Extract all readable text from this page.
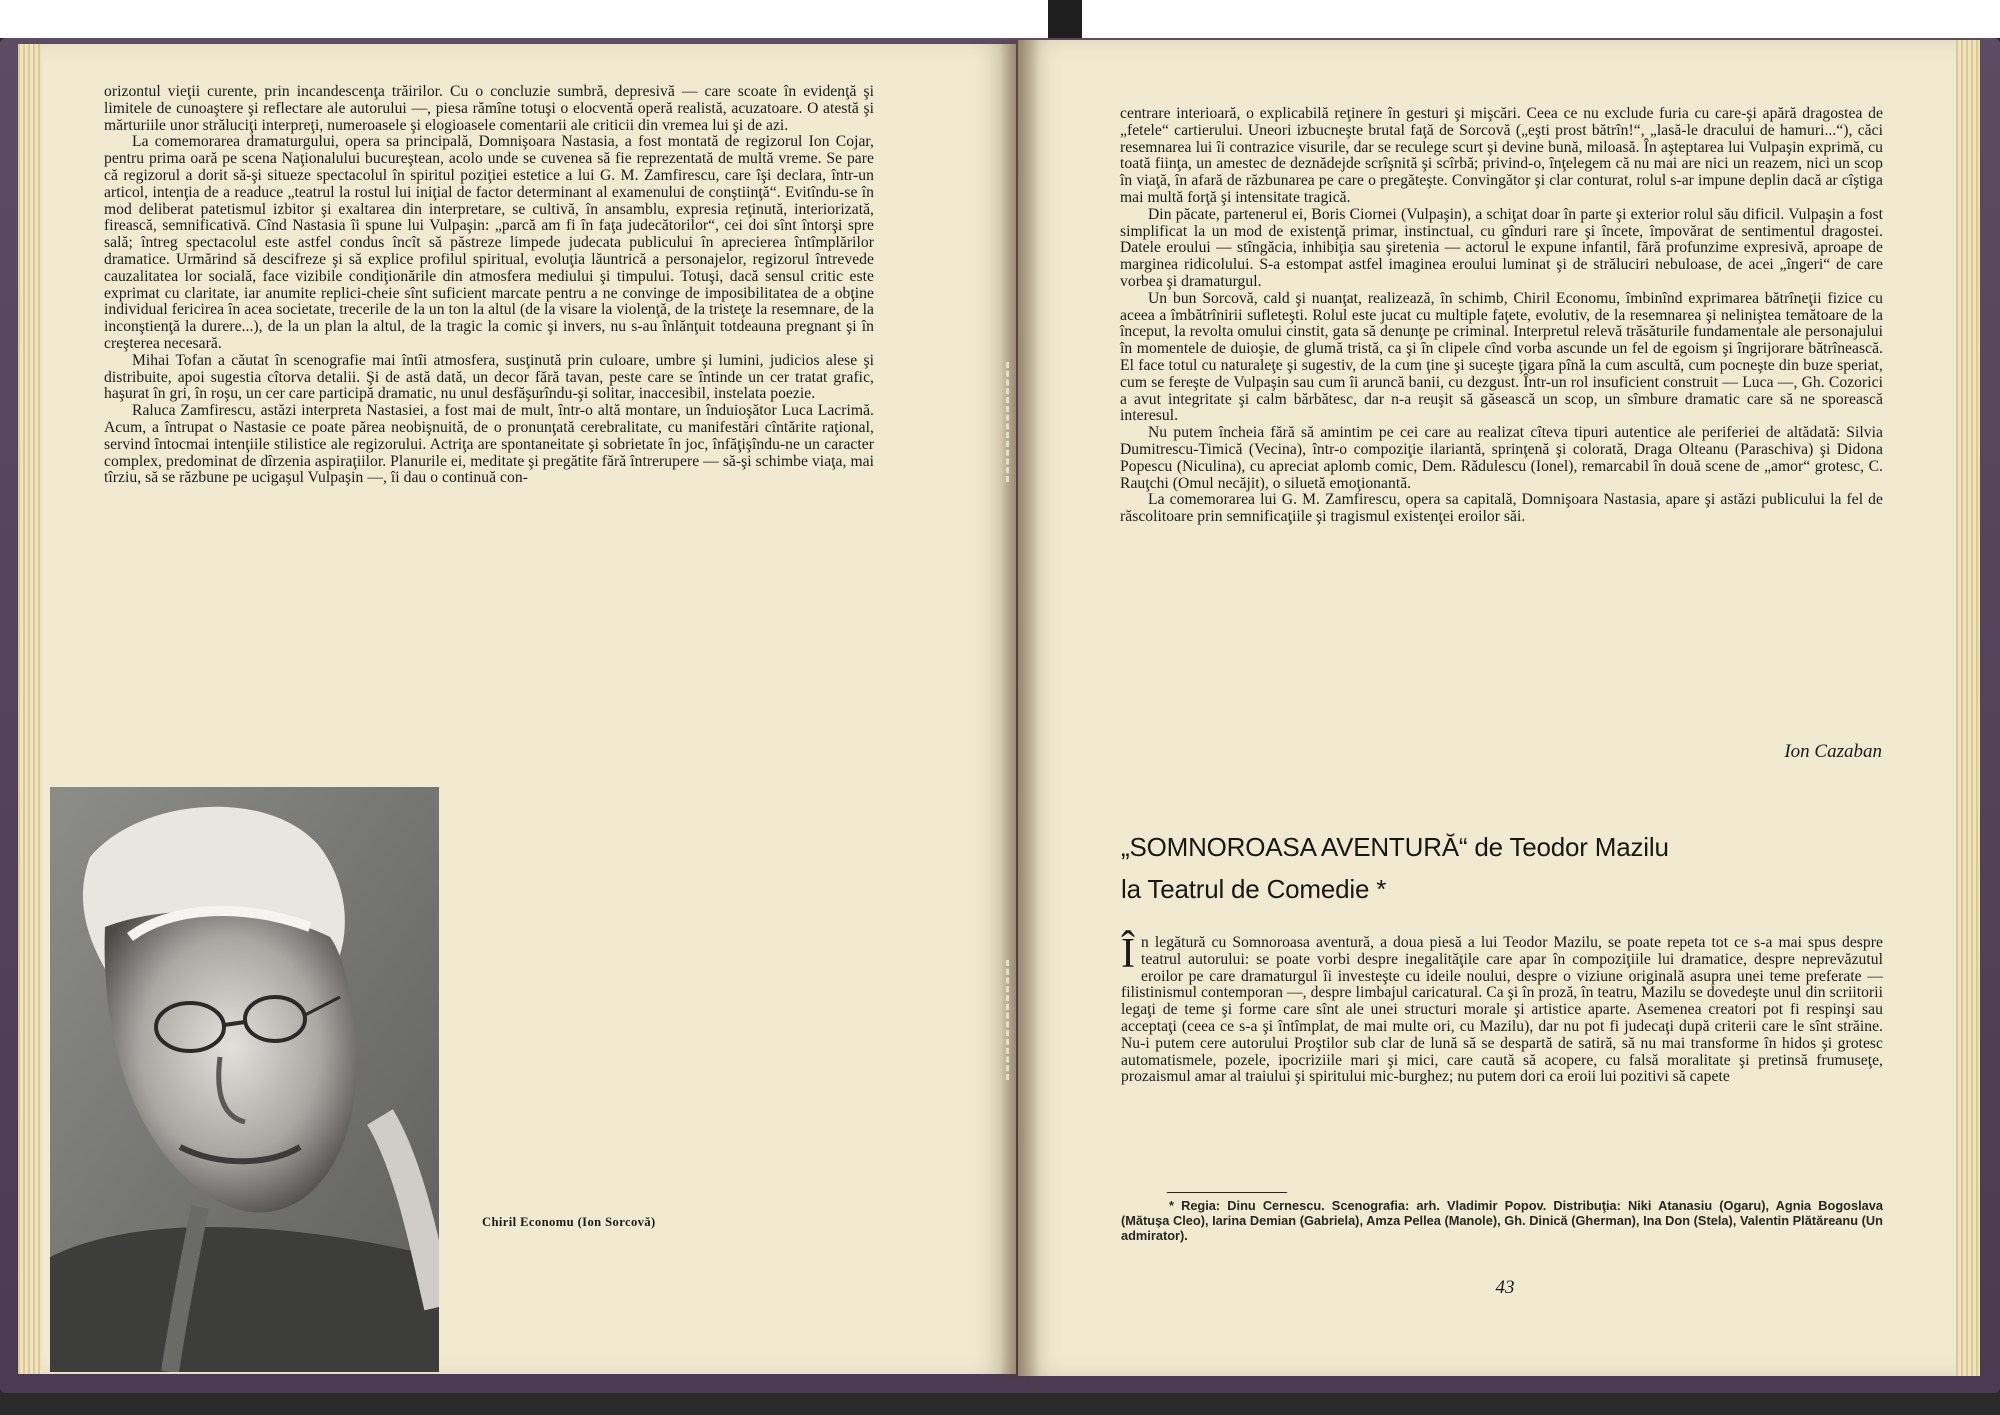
orizontul vieţii curente, prin incandescenţa trăirilor. Cu o concluzie sumbră, depresivă — care scoate în evidenţă şi limitele de cunoaştere şi reflectare ale autorului —, piesa rămîne totuşi o elocventă operă realistă, acuzatoare. O atestă şi mărturiile unor străluciţi interpreţi, numeroasele şi elogioasele comentarii ale criticii din vremea lui şi de azi.

La comemorarea dramaturgului, opera sa principală, Domnişoara Nastasia, a fost montată de regizorul Ion Cojar, pentru prima oară pe scena Naţionalului bucureştean, acolo unde se cuvenea să fie reprezentată de multă vreme. Se pare că regizorul a dorit să-şi situeze spectacolul în spiritul poziţiei estetice a lui G. M. Zamfirescu, care îşi declara, într-un articol, intenţia de a readuce „teatrul la rostul lui iniţial de factor determinant al examenului de conştiinţă“. Evitîndu-se în mod deliberat patetismul izbitor şi exaltarea din interpretare, se cultivă, în ansamblu, expresia reţinută, interiorizată, firească, semnificativă. Cînd Nastasia îi spune lui Vulpaşin: „parcă am fi în faţa judecătorilor“, cei doi sînt întorşi spre sală; întreg spectacolul este astfel condus încît să păstreze limpede judecata publicului în aprecierea întîmplărilor dramatice. Urmărind să descifreze şi să explice profilul spiritual, evoluţia lăuntrică a personajelor, regizorul întrevede cauzalitatea lor socială, face vizibile condiţionările din atmosfera mediului şi timpului. Totuşi, dacă sensul critic este exprimat cu claritate, iar anumite replici-cheie sînt suficient marcate pentru a ne convinge de imposibilitatea de a obţine individual fericirea în acea societate, trecerile de la un ton la altul (de la visare la violenţă, de la tristeţe la resemnare, de la inconştienţă la durere...), de la un plan la altul, de la tragic la comic şi invers, nu s-au înlănţuit totdeauna pregnant şi în creşterea necesară.

Mihai Tofan a căutat în scenografie mai întîi atmosfera, susţinută prin culoare, umbre şi lumini, judicios alese şi distribuite, apoi sugestia cîtorva detalii. Şi de astă dată, un decor fără tavan, peste care se întinde un cer tratat grafic, haşurat în gri, în roşu, un cer care participă dramatic, nu unul desfăşurîndu-şi solitar, inaccesibil, instelata poezie.

Raluca Zamfirescu, astăzi interpreta Nastasiei, a fost mai de mult, într-o altă montare, un înduioşător Luca Lacrimă. Acum, a întrupat o Nastasie ce poate părea neobişnuită, de o pronunţată cerebralitate, cu manifestări cîntărite raţional, servind întocmai intenţiile stilistice ale regizorului. Actriţa are spontaneitate şi sobrietate în joc, înfăţişîndu-ne un caracter complex, predominat de dîrzenia aspiraţiilor. Planurile ei, meditate şi pregătite fără întrerupere — să-şi schimbe viaţa, mai tîrziu, să se răzbune pe ucigaşul Vulpaşin —, îi dau o continuă con-

Chiril Economu (Ion Sorcovă)

centrare interioară, o explicabilă reţinere în gesturi şi mişcări. Ceea ce nu exclude furia cu care-şi apără dragostea de „fetele“ cartierului. Uneori izbucneşte brutal faţă de Sorcovă („eşti prost bătrîn!“, „lasă-le dracului de hamuri...“), căci resemnarea lui îi contrazice visurile, dar se reculege scurt şi devine bună, miloasă. În aşteptarea lui Vulpaşin exprimă, cu toată fiinţa, un amestec de deznădejde scrîşnită şi scîrbă; privind-o, înţelegem că nu mai are nici un reazem, nici un scop în viaţă, în afară de răzbunarea pe care o pregăteşte. Convingător şi clar conturat, rolul s-ar impune deplin dacă ar cîştiga mai multă forţă şi intensitate tragică.

Din păcate, partenerul ei, Boris Ciornei (Vulpaşin), a schiţat doar în parte şi exterior rolul său dificil. Vulpaşin a fost simplificat la un mod de existenţă primar, instinctual, cu gînduri rare şi încete, împovărat de sentimentul dragostei. Datele eroului — stîngăcia, inhibiţia sau şiretenia — actorul le expune infantil, fără profunzime expresivă, aproape de marginea ridicolului. S-a estompat astfel imaginea eroului luminat şi de străluciri nebuloase, de acei „îngeri“ de care vorbea şi dramaturgul.

Un bun Sorcovă, cald şi nuanţat, realizează, în schimb, Chiril Economu, îmbinînd exprimarea bătrîneţii fizice cu aceea a îmbătrînirii sufleteşti. Rolul este jucat cu multiple faţete, evolutiv, de la resemnarea şi neliniştea temătoare de la început, la revolta omului cinstit, gata să denunţe pe criminal. Interpretul relevă trăsăturile fundamentale ale personajului în momentele de duioşie, de glumă tristă, ca şi în clipele cînd vorba ascunde un fel de egoism şi îngrijorare bătrînească. El face totul cu naturaleţe şi sugestiv, de la cum ţine şi suceşte ţigara pînă la cum ascultă, cum pocneşte din buze speriat, cum se fereşte de Vulpaşin sau cum îi aruncă banii, cu dezgust. Într-un rol insuficient construit — Luca —, Gh. Cozorici a avut integritate şi calm bărbătesc, dar n-a reuşit să găsească un scop, un sîmbure dramatic care să ne sporească interesul.

Nu putem încheia fără să amintim pe cei care au realizat cîteva tipuri autentice ale periferiei de altădată: Silvia Dumitrescu-Timică (Vecina), într-o compoziţie ilariantă, sprinţenă şi colorată, Draga Olteanu (Paraschiva) şi Didona Popescu (Niculina), cu apreciat aplomb comic, Dem. Rădulescu (Ionel), remarcabil în două scene de „amor“ grotesc, C. Rauţchi (Omul necăjit), o siluetă emoţionantă.

La comemorarea lui G. M. Zamfirescu, opera sa capitală, Domnişoara Nastasia, apare şi astăzi publicului la fel de răscolitoare prin semnificaţiile şi tragismul existenţei eroilor săi.

Ion Cazaban
„SOMNOROASA AVENTURĂ“ de Teodor Mazilu
la Teatrul de Comedie *
Î n legătură cu Somnoroasa aventură, a doua piesă a lui Teodor Mazilu, se poate repeta tot ce s-a mai spus despre teatrul autorului: se poate vorbi despre inegalităţile care apar în compoziţiile lui dramatice, despre neprevăzutul eroilor pe care dramaturgul îi investeşte cu ideile noului, despre o viziune originală asupra unei teme preferate — filistinismul contemporan —, despre limbajul caricatural. Ca şi în proză, în teatru, Mazilu se dovedeşte unul din scriitorii legaţi de teme şi forme care sînt ale unei structuri morale şi artistice aparte. Asemenea creatori pot fi respinşi sau acceptaţi (ceea ce s-a şi întîmplat, de mai multe ori, cu Mazilu), dar nu pot fi judecaţi după criterii care le sînt străine. Nu-i putem cere autorului Proştilor sub clar de lună să se despartă de satiră, să nu mai transforme în hidos şi grotesc automatismele, pozele, ipocriziile mari şi mici, care caută să acopere, cu falsă moralitate şi pretinsă frumuseţe, prozaismul amar al traiului şi spiritului mic-burghez; nu putem dori ca eroii lui pozitivi să capete
* Regia: Dinu Cernescu. Scenografia: arh. Vladimir Popov. Distribuţia: Niki Atanasiu (Ogaru), Agnia Bogoslava (Mătuşa Cleo), Iarina Demian (Gabriela), Amza Pellea (Manole), Gh. Dinică (Gherman), Ina Don (Stela), Valentin Plătăreanu (Un admirator).
43
